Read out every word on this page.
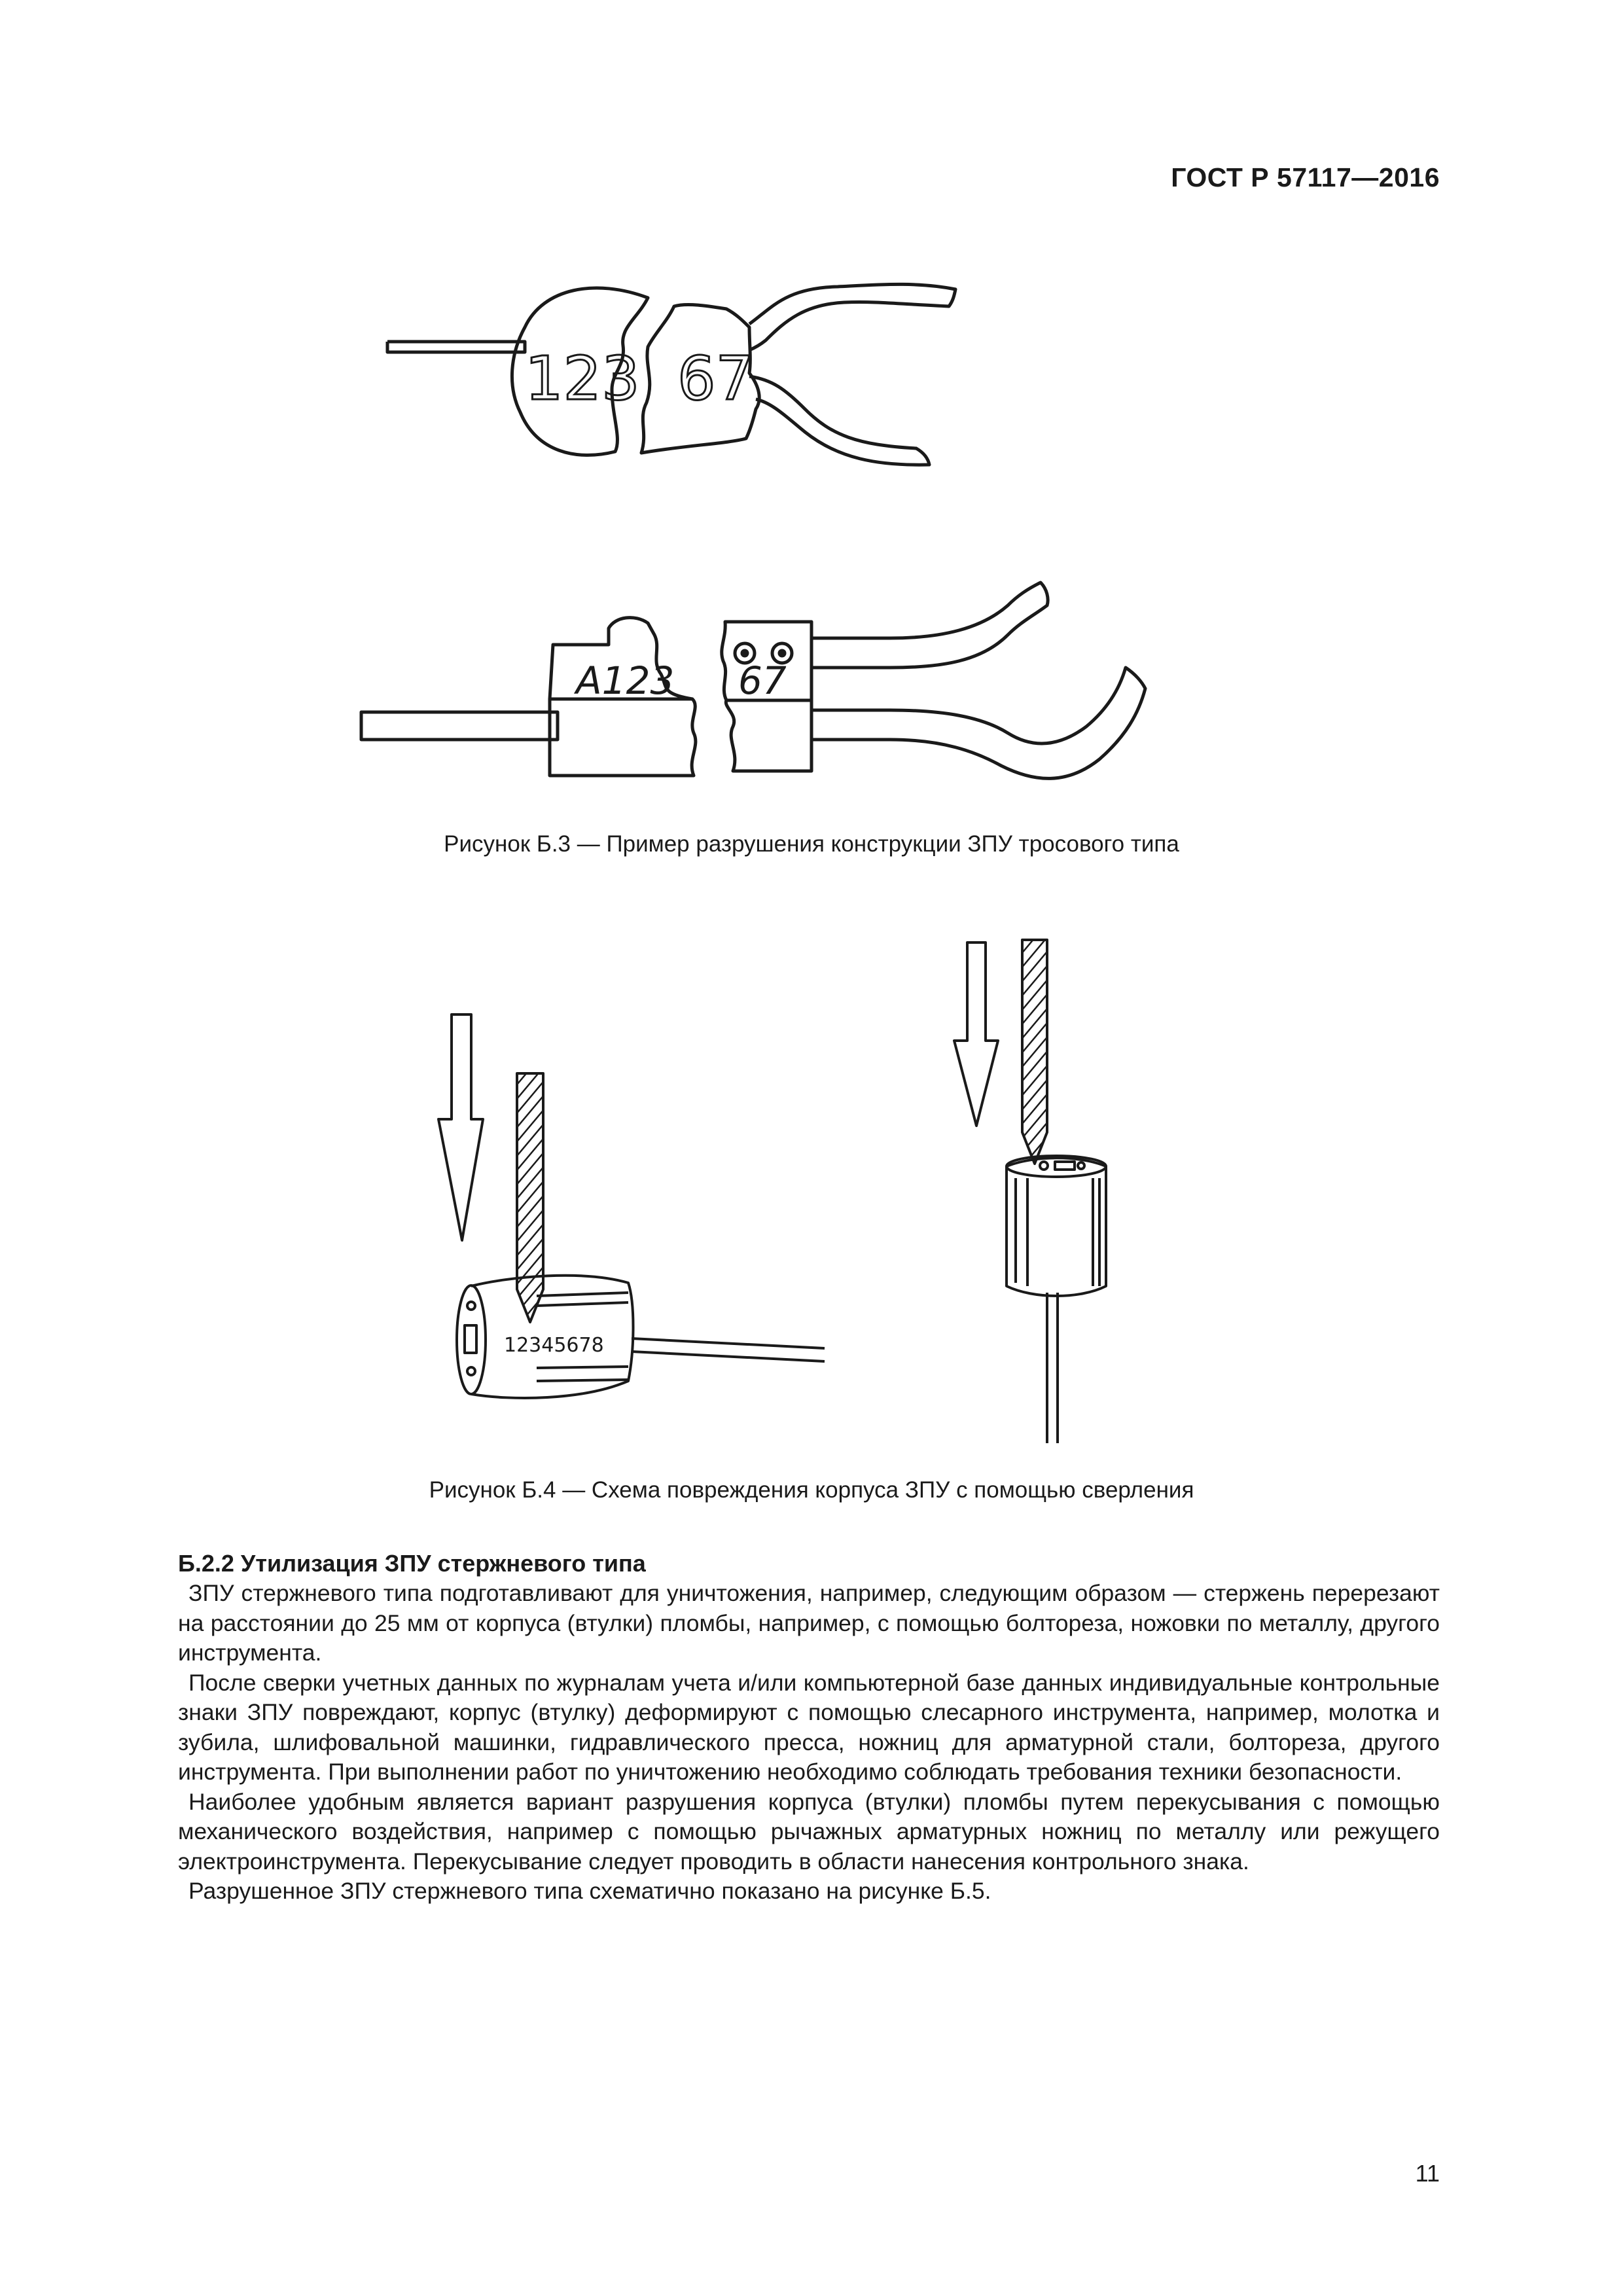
ГОСТ Р 57117—2016
123 67
A123 67
Рисунок Б.3 — Пример разрушения конструкции ЗПУ тросового типа
12345678
Рисунок Б.4 — Схема повреждения корпуса ЗПУ с помощью сверления
Б.2.2 Утилизация ЗПУ стержневого типа

ЗПУ стержневого типа подготавливают для уничтожения, например, следующим образом — стержень перерезают на расстоянии до 25 мм от корпуса (втулки) пломбы, например, с помощью болтореза, ножовки по металлу, другого инструмента.

После сверки учетных данных по журналам учета и/или компьютерной базе данных индивидуальные контрольные знаки ЗПУ повреждают, корпус (втулку) деформируют с помощью слесарного инструмента, например, молотка и зубила, шлифовальной машинки, гидравлического пресса, ножниц для арматурной стали, болтореза, другого инструмента. При выполнении работ по уничтожению необходимо соблюдать требования техники безопасности.

Наиболее удобным является вариант разрушения корпуса (втулки) пломбы путем перекусывания с помощью механического воздействия, например с помощью рычажных арматурных ножниц по металлу или режущего электроинструмента. Перекусывание следует проводить в области нанесения контрольного знака.

Разрушенное ЗПУ стержневого типа схематично показано на рисунке Б.5.

11
